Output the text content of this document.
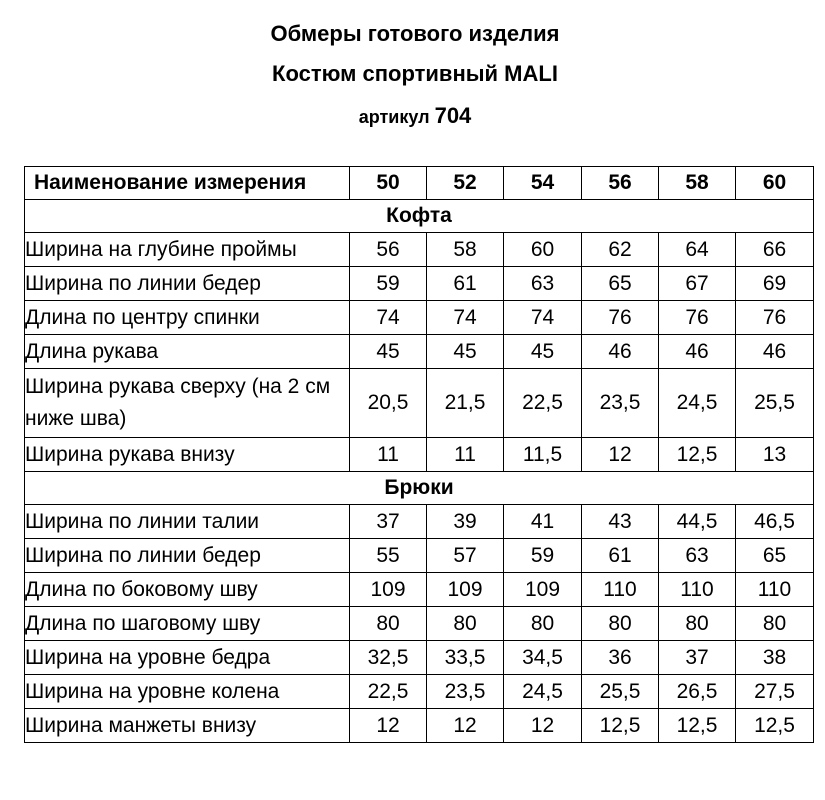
Обмеры готового изделия
Костюм спортивный MALI
артикул 704
Наименование измерения	50	52	54	56	58	60
Кофта						
Ширина на глубине проймы	56	58	60	62	64	66
Ширина по линии бедер	59	61	63	65	67	69
Длина по центру спинки	74	74	74	76	76	76
Длина рукава	45	45	45	46	46	46
Ширина рукава сверху (на 2 см ниже шва)	20,5	21,5	22,5	23,5	24,5	25,5
Ширина рукава внизу	11	11	11,5	12	12,5	13
Брюки						
Ширина по линии талии	37	39	41	43	44,5	46,5
Ширина по линии бедер	55	57	59	61	63	65
Длина по боковому шву	109	109	109	110	110	110
Длина по шаговому шву	80	80	80	80	80	80
Ширина на уровне бедра	32,5	33,5	34,5	36	37	38
Ширина на уровне колена	22,5	23,5	24,5	25,5	26,5	27,5
Ширина манжеты внизу	12	12	12	12,5	12,5	12,5
